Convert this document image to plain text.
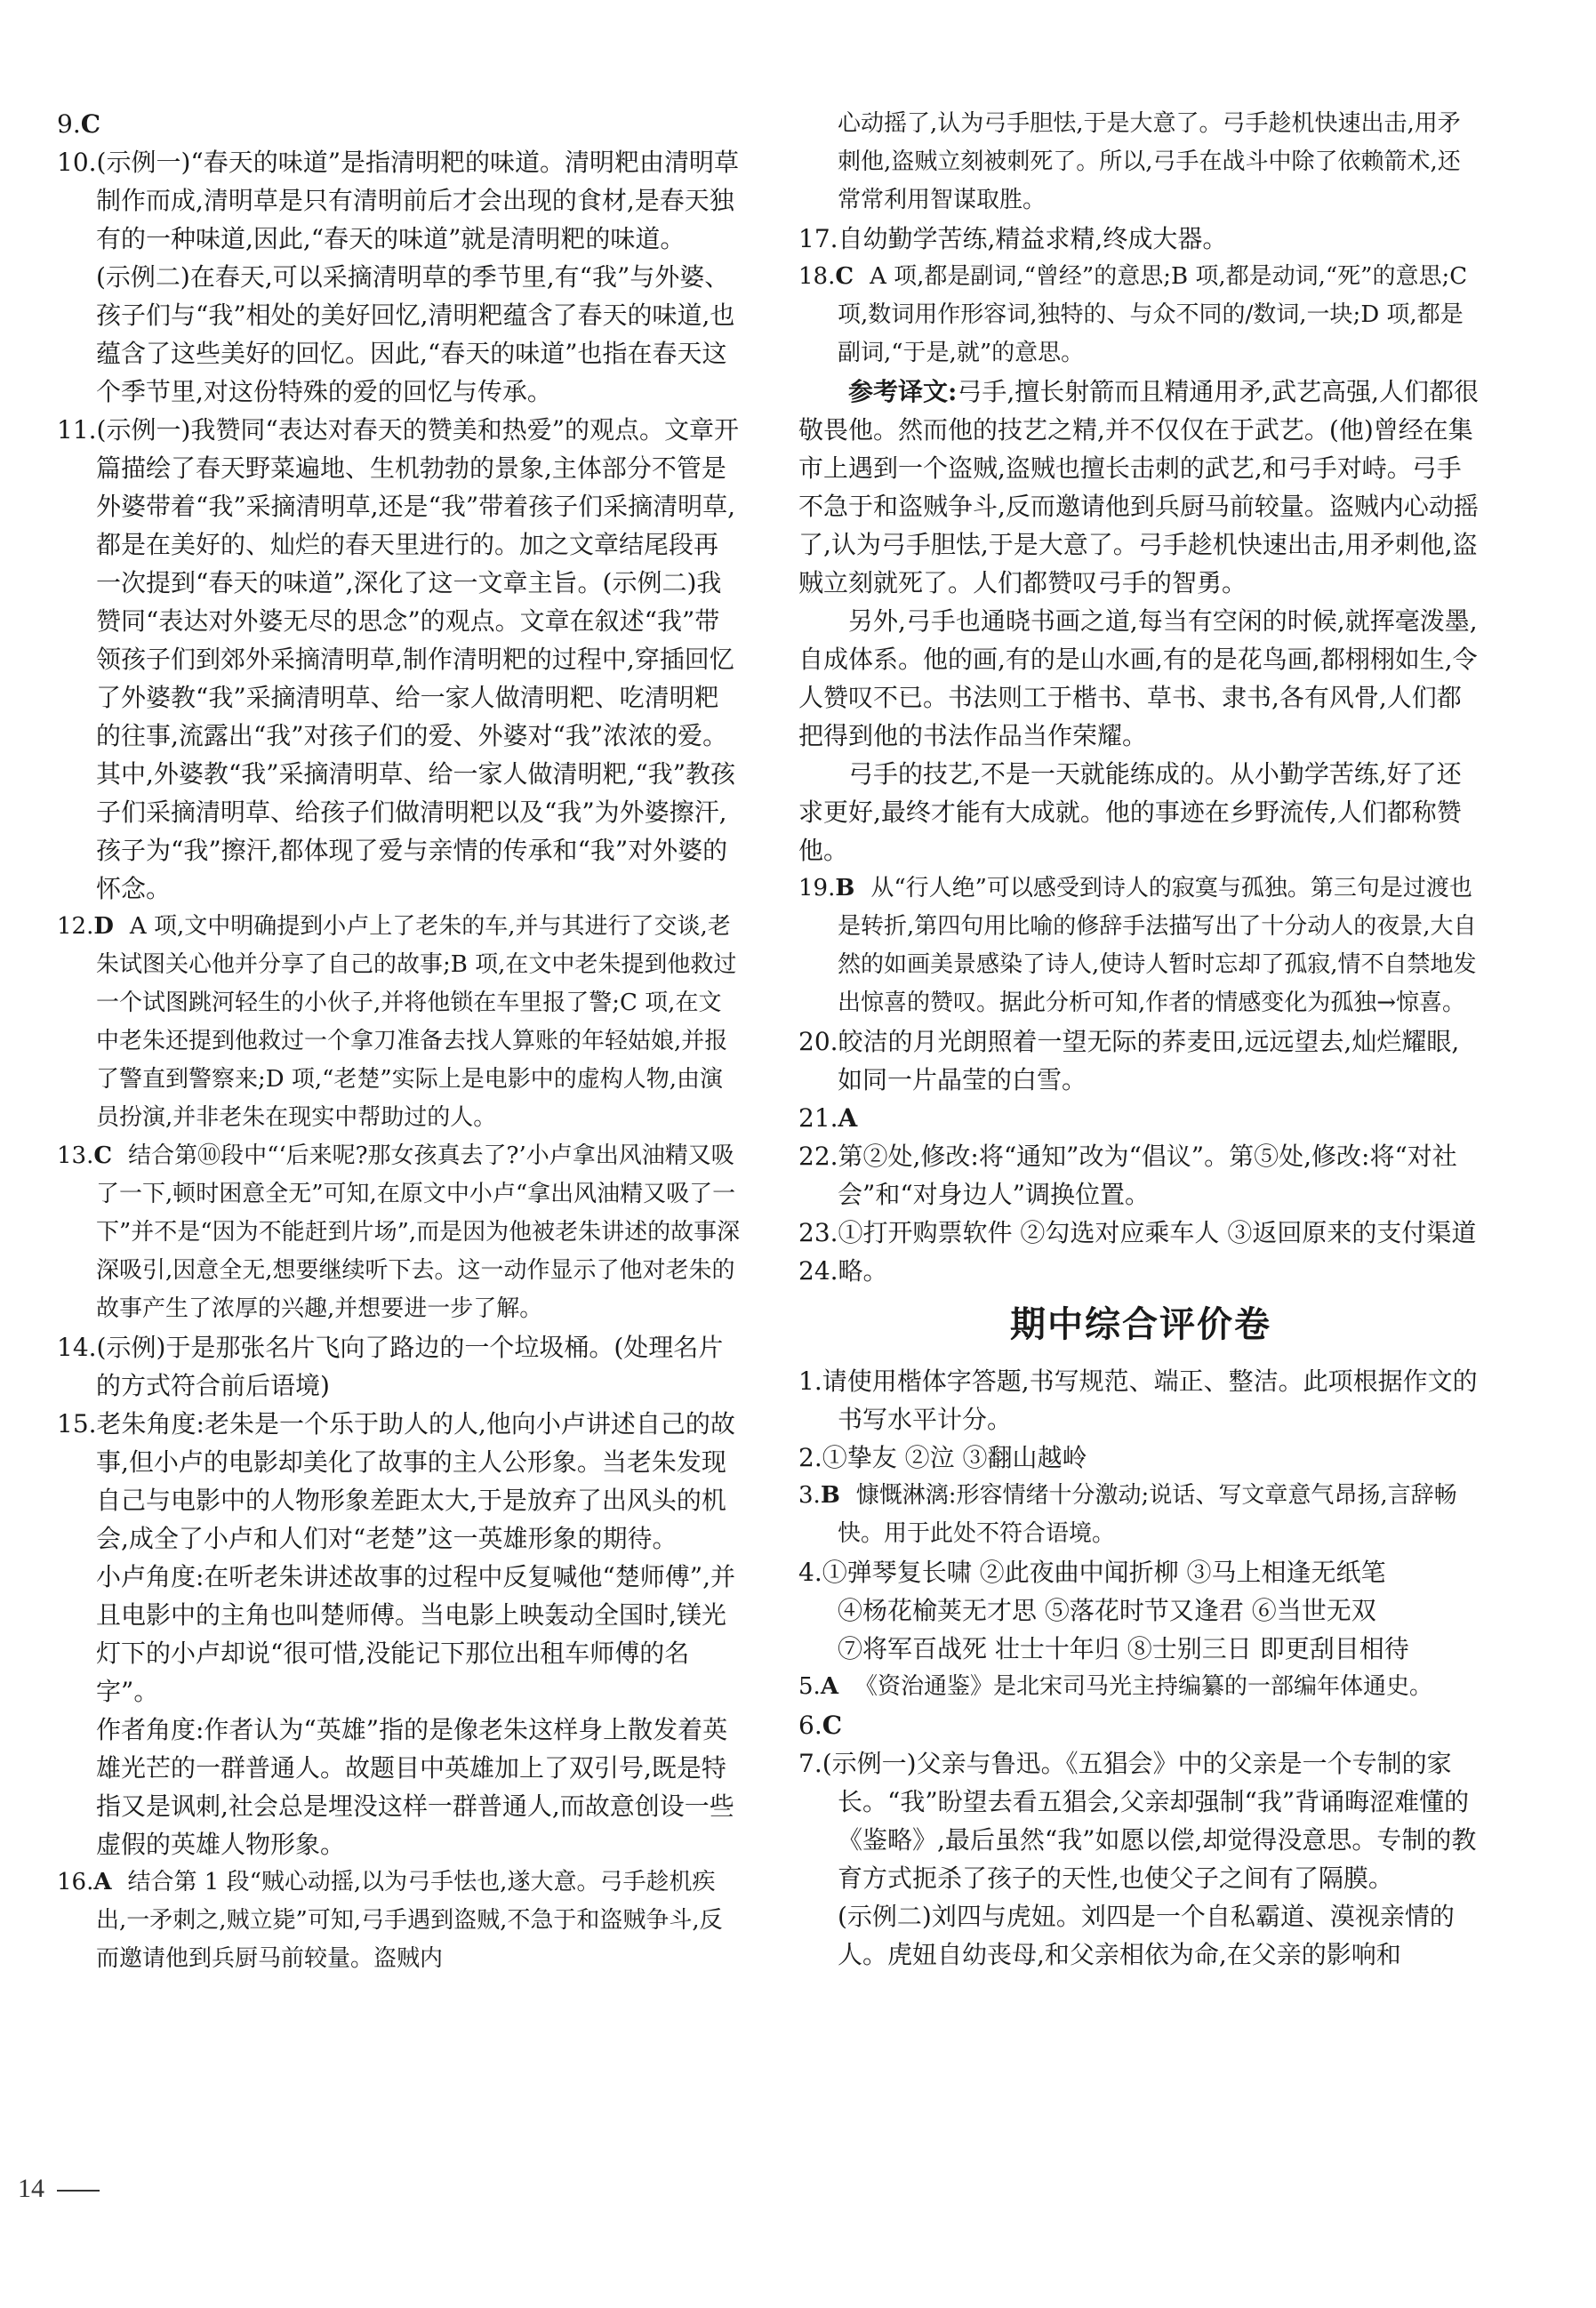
9.C

10.(示例一)“春天的味道”是指清明粑的味道。清明粑由清明草制作而成,清明草是只有清明前后才会出现的食材,是春天独有的一种味道,因此,“春天的味道”就是清明粑的味道。

(示例二)在春天,可以采摘清明草的季节里,有“我”与外婆、孩子们与“我”相处的美好回忆,清明粑蕴含了春天的味道,也蕴含了这些美好的回忆。因此,“春天的味道”也指在春天这个季节里,对这份特殊的爱的回忆与传承。

11.(示例一)我赞同“表达对春天的赞美和热爱”的观点。文章开篇描绘了春天野菜遍地、生机勃勃的景象,主体部分不管是外婆带着“我”采摘清明草,还是“我”带着孩子们采摘清明草,都是在美好的、灿烂的春天里进行的。加之文章结尾段再一次提到“春天的味道”,深化了这一文章主旨。(示例二)我赞同“表达对外婆无尽的思念”的观点。文章在叙述“我”带领孩子们到郊外采摘清明草,制作清明粑的过程中,穿插回忆了外婆教“我”采摘清明草、给一家人做清明粑、吃清明粑的往事,流露出“我”对孩子们的爱、外婆对“我”浓浓的爱。其中,外婆教“我”采摘清明草、给一家人做清明粑,“我”教孩子们采摘清明草、给孩子们做清明粑以及“我”为外婆擦汗,孩子为“我”擦汗,都体现了爱与亲情的传承和“我”对外婆的怀念。

12.D A 项,文中明确提到小卢上了老朱的车,并与其进行了交谈,老朱试图关心他并分享了自己的故事;B 项,在文中老朱提到他救过一个试图跳河轻生的小伙子,并将他锁在车里报了警;C 项,在文中老朱还提到他救过一个拿刀准备去找人算账的年轻姑娘,并报了警直到警察来;D 项,“老楚”实际上是电影中的虚构人物,由演员扮演,并非老朱在现实中帮助过的人。

13.C 结合第⑩段中“‘后来呢?那女孩真去了?’小卢拿出风油精又吸了一下,顿时困意全无”可知,在原文中小卢“拿出风油精又吸了一下”并不是“因为不能赶到片场”,而是因为他被老朱讲述的故事深深吸引,因意全无,想要继续听下去。这一动作显示了他对老朱的故事产生了浓厚的兴趣,并想要进一步了解。

14.(示例)于是那张名片飞向了路边的一个垃圾桶。(处理名片的方式符合前后语境)

15.老朱角度:老朱是一个乐于助人的人,他向小卢讲述自己的故事,但小卢的电影却美化了故事的主人公形象。当老朱发现自己与电影中的人物形象差距太大,于是放弃了出风头的机会,成全了小卢和人们对“老楚”这一英雄形象的期待。

小卢角度:在听老朱讲述故事的过程中反复喊他“楚师傅”,并且电影中的主角也叫楚师傅。当电影上映轰动全国时,镁光灯下的小卢却说“很可惜,没能记下那位出租车师傅的名字”。

作者角度:作者认为“英雄”指的是像老朱这样身上散发着英雄光芒的一群普通人。故题目中英雄加上了双引号,既是特指又是讽刺,社会总是埋没这样一群普通人,而故意创设一些虚假的英雄人物形象。

16.A 结合第 1 段“贼心动摇,以为弓手怯也,遂大意。弓手趁机疾出,一矛刺之,贼立毙”可知,弓手遇到盗贼,不急于和盗贼争斗,反而邀请他到兵厨马前较量。盗贼内

心动摇了,认为弓手胆怯,于是大意了。弓手趁机快速出击,用矛刺他,盗贼立刻被刺死了。所以,弓手在战斗中除了依赖箭术,还常常利用智谋取胜。

17.自幼勤学苦练,精益求精,终成大器。

18.C A 项,都是副词,“曾经”的意思;B 项,都是动词,“死”的意思;C 项,数词用作形容词,独特的、与众不同的/数词,一块;D 项,都是副词,“于是,就”的意思。

参考译文:弓手,擅长射箭而且精通用矛,武艺高强,人们都很敬畏他。然而他的技艺之精,并不仅仅在于武艺。(他)曾经在集市上遇到一个盗贼,盗贼也擅长击刺的武艺,和弓手对峙。弓手不急于和盗贼争斗,反而邀请他到兵厨马前较量。盗贼内心动摇了,认为弓手胆怯,于是大意了。弓手趁机快速出击,用矛刺他,盗贼立刻就死了。人们都赞叹弓手的智勇。

另外,弓手也通晓书画之道,每当有空闲的时候,就挥毫泼墨,自成体系。他的画,有的是山水画,有的是花鸟画,都栩栩如生,令人赞叹不已。书法则工于楷书、草书、隶书,各有风骨,人们都把得到他的书法作品当作荣耀。

弓手的技艺,不是一天就能练成的。从小勤学苦练,好了还求更好,最终才能有大成就。他的事迹在乡野流传,人们都称赞他。

19.B 从“行人绝”可以感受到诗人的寂寞与孤独。第三句是过渡也是转折,第四句用比喻的修辞手法描写出了十分动人的夜景,大自然的如画美景感染了诗人,使诗人暂时忘却了孤寂,情不自禁地发出惊喜的赞叹。据此分析可知,作者的情感变化为孤独→惊喜。

20.皎洁的月光朗照着一望无际的荞麦田,远远望去,灿烂耀眼,如同一片晶莹的白雪。

21.A

22.第②处,修改:将“通知”改为“倡议”。第⑤处,修改:将“对社会”和“对身边人”调换位置。

23.①打开购票软件 ②勾选对应乘车人 ③返回原来的支付渠道

24.略。

期中综合评价卷

1.请使用楷体字答题,书写规范、端正、整洁。此项根据作文的书写水平计分。

2.①挚友 ②泣 ③翻山越岭

3.B 慷慨淋漓:形容情绪十分激动;说话、写文章意气昂扬,言辞畅快。用于此处不符合语境。

4.①弹琴复长啸 ②此夜曲中闻折柳 ③马上相逢无纸笔

④杨花榆荚无才思 ⑤落花时节又逢君 ⑥当世无双

⑦将军百战死 壮士十年归 ⑧士别三日 即更刮目相待

5.A 《资治通鉴》是北宋司马光主持编纂的一部编年体通史。

6.C

7.(示例一)父亲与鲁迅。《五猖会》中的父亲是一个专制的家长。“我”盼望去看五猖会,父亲却强制“我”背诵晦涩难懂的《鉴略》,最后虽然“我”如愿以偿,却觉得没意思。专制的教育方式扼杀了孩子的天性,也使父子之间有了隔膜。

(示例二)刘四与虎妞。刘四是一个自私霸道、漠视亲情的人。虎妞自幼丧母,和父亲相依为命,在父亲的影响和

14
